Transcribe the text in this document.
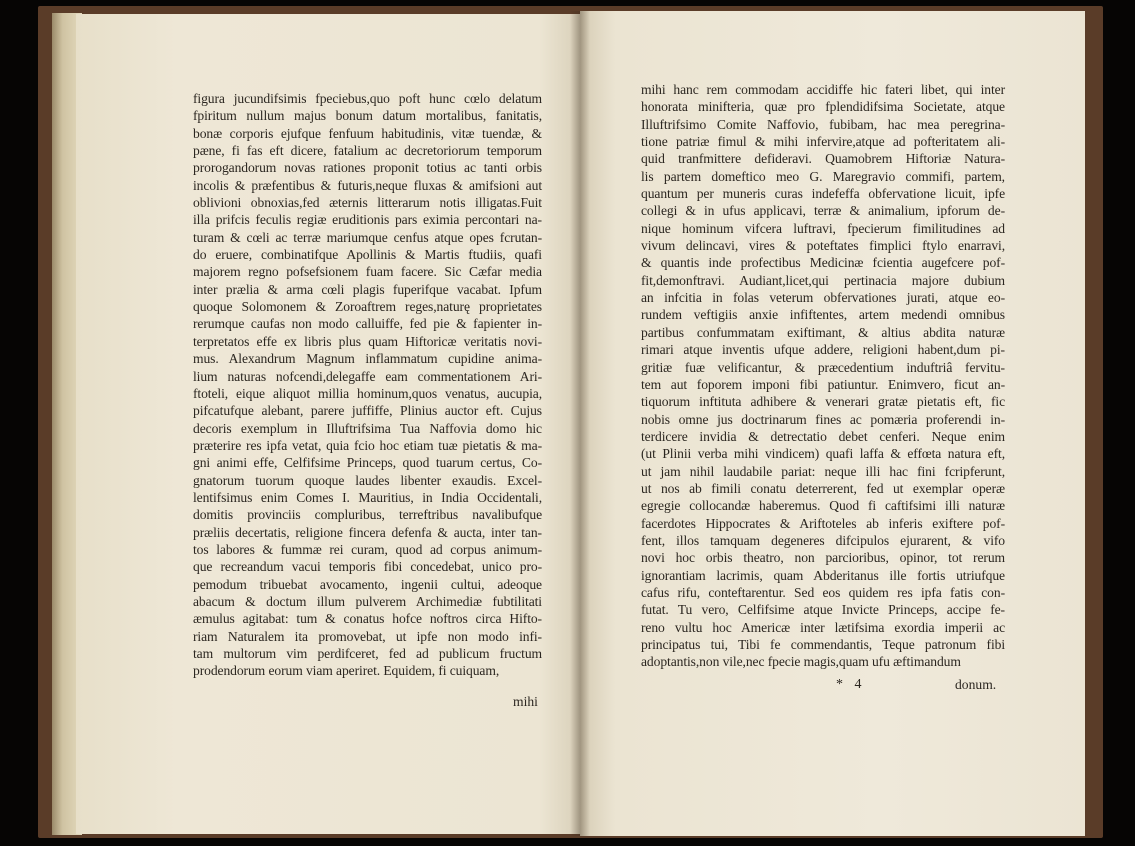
figura jucundifsimis fpeciebus,quo poft hunc cœlo delatum
fpiritum nullum majus bonum datum mortalibus, fanitatis,
bonæ corporis ejufque fenfuum habitudinis, vitæ tuendæ, &
pæne, fi fas eft dicere, fatalium ac decretoriorum temporum
prorogandorum novas rationes proponit totius ac tanti orbis
incolis & præfentibus & futuris,neque fluxas & amifsioni aut
oblivioni obnoxias,fed æternis litterarum notis illigatas.Fuit
illa prifcis feculis regiæ eruditionis pars eximia percontari na-
turam & cœli ac terræ mariumque cenfus atque opes fcrutan-
do eruere, combinatifque Apollinis & Martis ftudiis, quafi
majorem regno pofsefsionem fuam facere. Sic Cæfar media
inter prælia & arma cœli plagis fuperifque vacabat. Ipfum
quoque Solomonem & Zoroaftrem reges,naturę proprietates
rerumque caufas non modo calluiffe, fed pie & fapienter in-
terpretatos effe ex libris plus quam Hiftoricæ veritatis novi-
mus. Alexandrum Magnum inflammatum cupidine anima-
lium naturas nofcendi,delegaffe eam commentationem Ari-
ftoteli, eique aliquot millia hominum,quos venatus, aucupia,
pifcatufque alebant, parere juffiffe, Plinius auctor eft. Cujus
decoris exemplum in Illuftrifsima Tua Naffovia domo hic
præterire res ipfa vetat, quia fcio hoc etiam tuæ pietatis & ma-
gni animi effe, Celfifsime Princeps, quod tuarum certus, Co-
gnatorum tuorum quoque laudes libenter exaudis. Excel-
lentifsimus enim Comes I. Mauritius, in India Occidentali,
domitis provinciis compluribus, terreftribus navalibufque
præliis decertatis, religione fincera defenfa & aucta, inter tan-
tos labores & fummæ rei curam, quod ad corpus animum-
que recreandum vacui temporis fibi concedebat, unico pro-
pemodum tribuebat avocamento, ingenii cultui, adeoque
abacum & doctum illum pulverem Archimediæ fubtilitati
æmulus agitabat: tum & conatus hofce noftros circa Hifto-
riam Naturalem ita promovebat, ut ipfe non modo infi-
tam multorum vim perdifceret, fed ad publicum fructum
prodendorum eorum viam aperiret. Equidem, fi cuiquam,
mihi
mihi hanc rem commodam accidiffe hic fateri libet, qui inter
honorata minifteria, quæ pro fplendidifsima Societate, atque
Illuftrifsimo Comite Naffovio, fubibam, hac mea peregrina-
tione patriæ fimul & mihi infervire,atque ad pofteritatem ali-
quid tranfmittere defideravi. Quamobrem Hiftoriæ Natura-
lis partem domeftico meo G. Maregravio commifi, partem,
quantum per muneris curas indefeffa obfervatione licuit, ipfe
collegi & in ufus applicavi, terræ & animalium, ipforum de-
nique hominum vifcera luftravi, fpecierum fimilitudines ad
vivum delincavi, vires & poteftates fimplici ftylo enarravi,
& quantis inde profectibus Medicinæ fcientia augefcere pof-
fit,demonftravi. Audiant,licet,qui pertinacia majore dubium
an infcitia in folas veterum obfervationes jurati, atque eo-
rundem veftigiis anxie infiftentes, artem medendi omnibus
partibus confummatam exiftimant, & altius abdita naturæ
rimari atque inventis ufque addere, religioni habent,dum pi-
gritiæ fuæ velificantur, & præcedentium induftriâ fervitu-
tem aut foporem imponi fibi patiuntur. Enimvero, ficut an-
tiquorum inftituta adhibere & venerari gratæ pietatis eft, fic
nobis omne jus doctrinarum fines ac pomæria proferendi in-
terdicere invidia & detrectatio debet cenferi. Neque enim
(ut Plinii verba mihi vindicem) quafi laffa & effœta natura eft,
ut jam nihil laudabile pariat: neque illi hac fini fcripferunt,
ut nos ab fimili conatu deterrerent, fed ut exemplar operæ
egregie collocandæ haberemus. Quod fi caftifsimi illi naturæ
facerdotes Hippocrates & Ariftoteles ab inferis exiftere pof-
fent, illos tamquam degeneres difcipulos ejurarent, & vifo
novi hoc orbis theatro, non parcioribus, opinor, tot rerum
ignorantiam lacrimis, quam Abderitanus ille fortis utriufque
cafus rifu, conteftarentur. Sed eos quidem res ipfa fatis con-
futat. Tu vero, Celfifsime atque Invicte Princeps, accipe fe-
reno vultu hoc Americæ inter lætifsima exordia imperii ac
principatus tui, Tibi fe commendantis, Teque patronum fibi
adoptantis,non vile,nec fpecie magis,quam ufu æftimandum
* 4	donum.
